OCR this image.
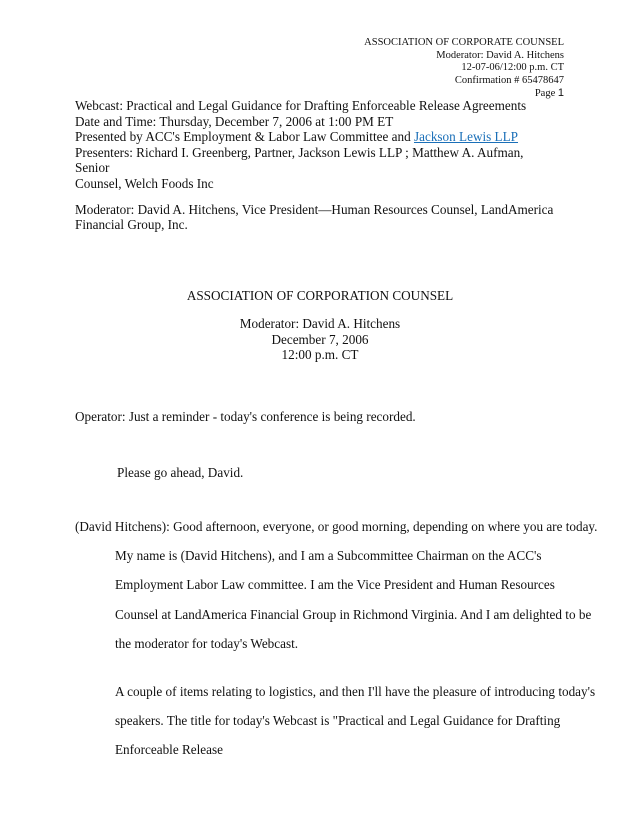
ASSOCIATION OF CORPORATE COUNSEL
Moderator: David A. Hitchens
12-07-06/12:00 p.m. CT
Confirmation # 65478647
Page 1
Webcast: Practical and Legal Guidance for Drafting Enforceable Release Agreements
Date and Time: Thursday, December 7, 2006 at 1:00 PM ET
Presented by ACC's Employment & Labor Law Committee and Jackson Lewis LLP
Presenters: Richard I. Greenberg, Partner, Jackson Lewis LLP ; Matthew A. Aufman, Senior
Counsel, Welch Foods Inc
Moderator: David A. Hitchens, Vice President—Human Resources Counsel, LandAmerica
Financial Group, Inc.
ASSOCIATION OF CORPORATION COUNSEL
Moderator: David A. Hitchens
December 7, 2006
12:00 p.m. CT
Operator: Just a reminder - today's conference is being recorded.
Please go ahead, David.
(David Hitchens): Good afternoon, everyone, or good morning, depending on where you are today.
My name is (David Hitchens), and I am a Subcommittee Chairman on the ACC's
Employment Labor Law committee. I am the Vice President and Human Resources
Counsel at LandAmerica Financial Group in Richmond Virginia. And I am delighted to be
the moderator for today's Webcast.
A couple of items relating to logistics, and then I'll have the pleasure of introducing today's
speakers. The title for today's Webcast is "Practical and Legal Guidance for Drafting
Enforceable Release
